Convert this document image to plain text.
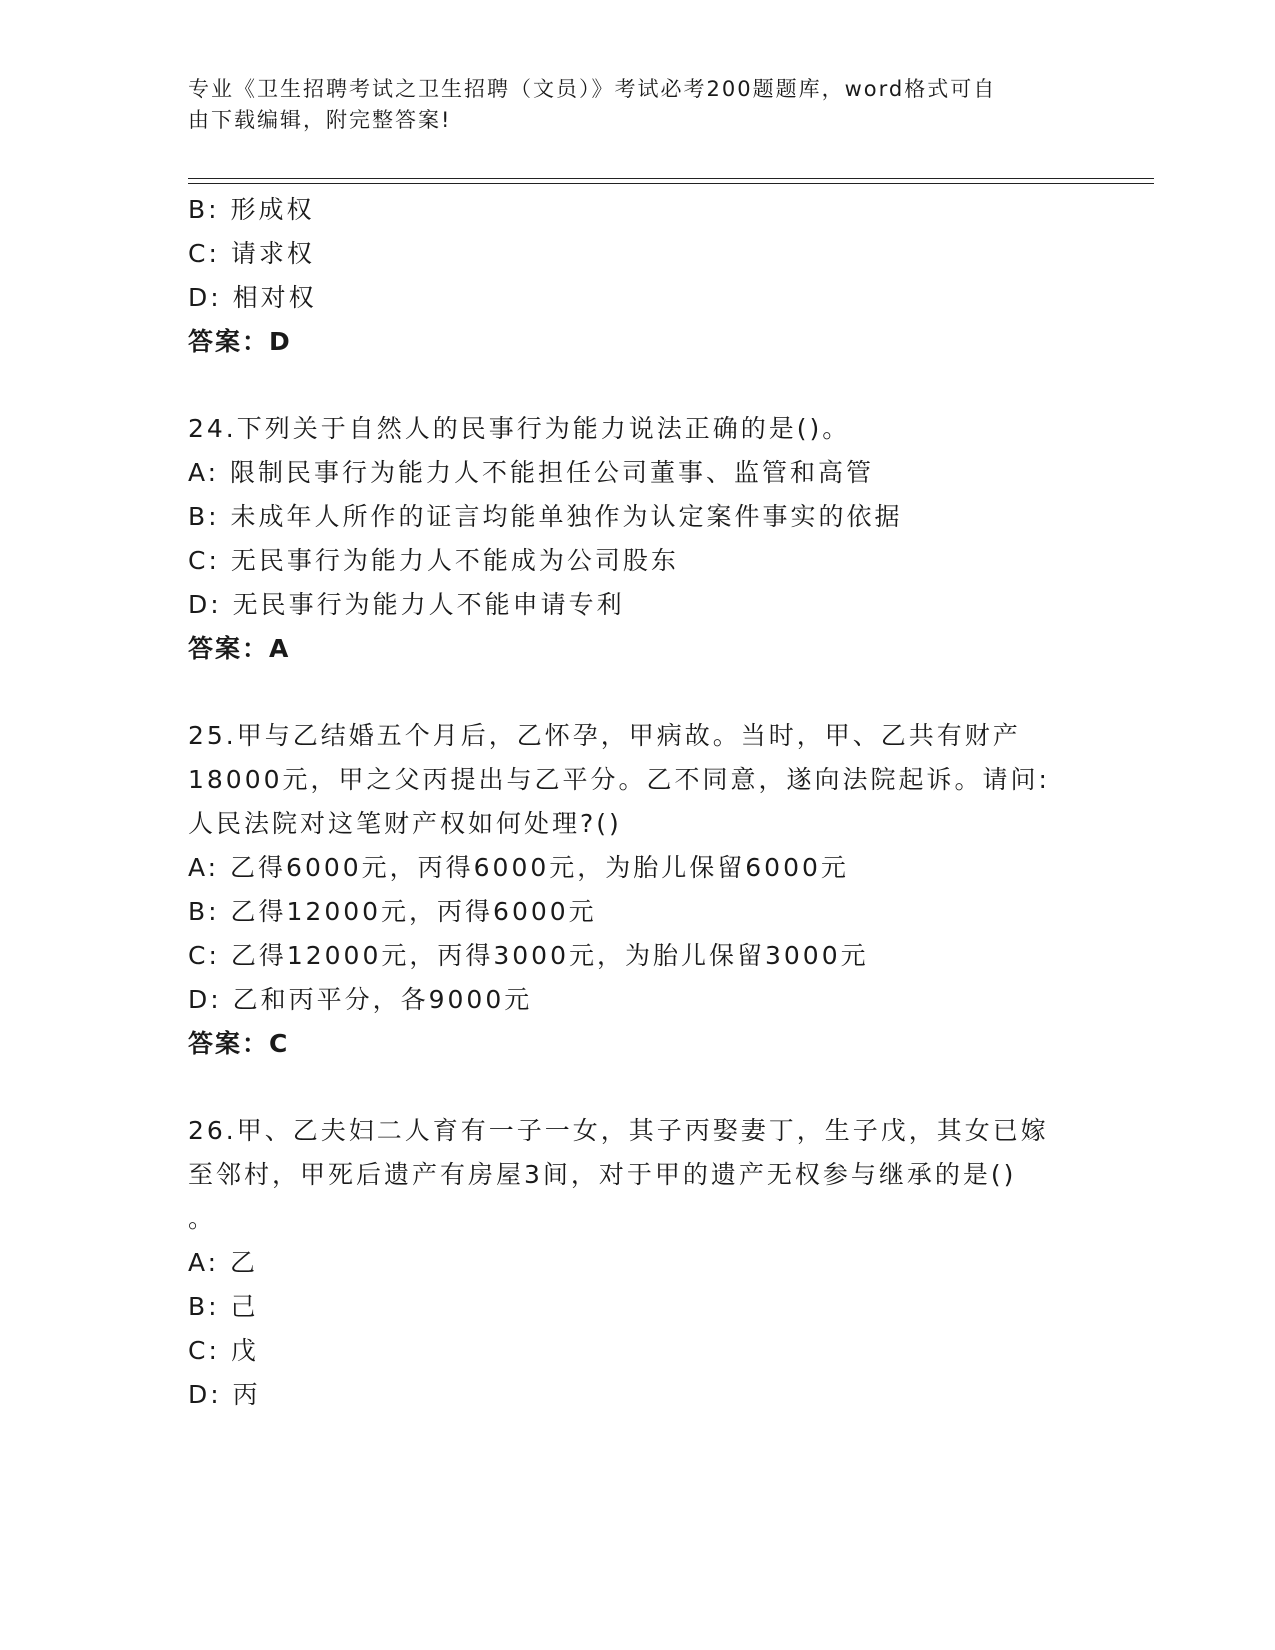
专业《卫生招聘考试之卫生招聘（文员）》考试必考200题题库，word格式可自
由下载编辑，附完整答案!
B: 形成权
C: 请求权
D: 相对权
答案：D
24.下列关于自然人的民事行为能力说法正确的是()。
A: 限制民事行为能力人不能担任公司董事、监管和高管
B: 未成年人所作的证言均能单独作为认定案件事实的依据
C: 无民事行为能力人不能成为公司股东
D: 无民事行为能力人不能申请专利
答案：A
25.甲与乙结婚五个月后，乙怀孕，甲病故。当时，甲、乙共有财产
18000元，甲之父丙提出与乙平分。乙不同意，遂向法院起诉。请问:
人民法院对这笔财产权如何处理?()
A: 乙得6000元，丙得6000元，为胎儿保留6000元
B: 乙得12000元，丙得6000元
C: 乙得12000元，丙得3000元，为胎儿保留3000元
D: 乙和丙平分，各9000元
答案：C
26.甲、乙夫妇二人育有一子一女，其子丙娶妻丁，生子戊，其女已嫁
至邻村，甲死后遗产有房屋3间，对于甲的遗产无权参与继承的是()
。
A: 乙
B: 己
C: 戊
D: 丙
